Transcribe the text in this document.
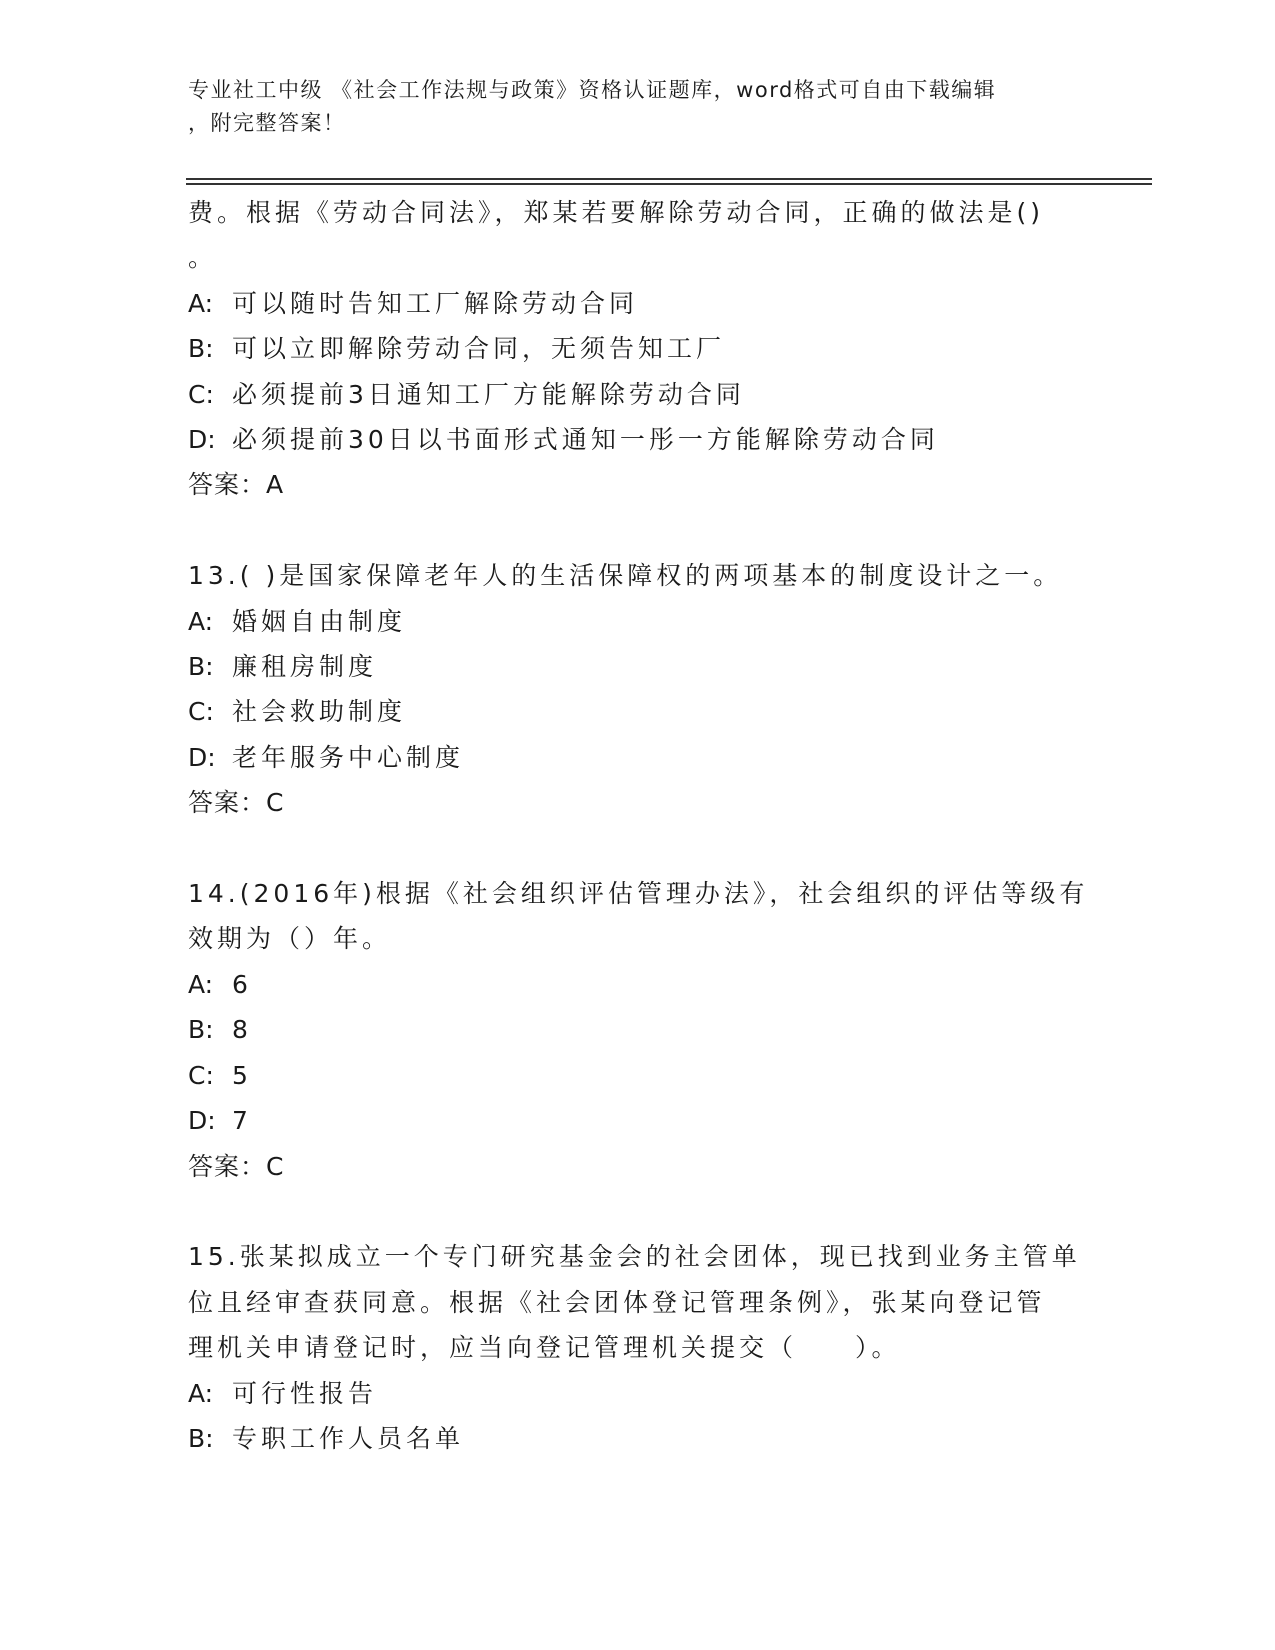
专业社工中级 《社会工作法规与政策》资格认证题库，word格式可自由下载编辑
，附完整答案！
费。根据《劳动合同法》，郑某若要解除劳动合同，正确的做法是()
。
A: 可以随时告知工厂解除劳动合同
B: 可以立即解除劳动合同，无须告知工厂
C: 必须提前3日通知工厂方能解除劳动合同
D: 必须提前30日以书面形式通知一彤一方能解除劳动合同
答案：A
13.( )是国家保障老年人的生活保障权的两项基本的制度设计之一。
A: 婚姻自由制度
B: 廉租房制度
C: 社会救助制度
D: 老年服务中心制度
答案：C
14.(2016年)根据《社会组织评估管理办法》，社会组织的评估等级有
效期为（）年。
A: 6
B: 8
C: 5
D: 7
答案：C
15.张某拟成立一个专门研究基金会的社会团体，现已找到业务主管单
位且经审查获同意。根据《社会团体登记管理条例》，张某向登记管
理机关申请登记时，应当向登记管理机关提交（　　）。
A: 可行性报告
B: 专职工作人员名单
